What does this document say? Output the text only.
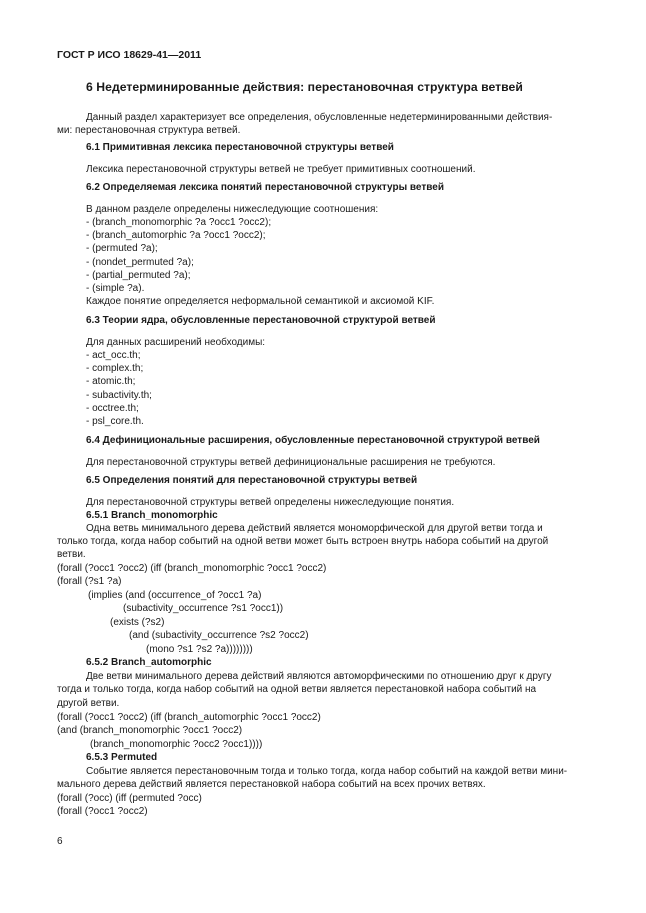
ГОСТ Р ИСО 18629-41—2011
6 Недетерминированные действия: перестановочная структура ветвей
Данный раздел характеризует все определения, обусловленные недетерминированными действия-
ми: перестановочная структура ветвей.
6.1 Примитивная лексика перестановочной структуры ветвей
Лексика перестановочной структуры ветвей не требует примитивных соотношений.
6.2 Определяемая лексика понятий перестановочной структуры ветвей
В данном разделе определены нижеследующие соотношения:
- (branch_monomorphic ?a ?occ1 ?occ2);
- (branch_automorphic ?a ?occ1 ?occ2);
- (permuted ?a);
- (nondet_permuted ?a);
- (partial_permuted ?a);
- (simple ?a).
Каждое понятие определяется неформальной семантикой и аксиомой KIF.
6.3 Теории ядра, обусловленные перестановочной структурой ветвей
Для данных расширений необходимы:
- act_occ.th;
- complex.th;
- atomic.th;
- subactivity.th;
- occtree.th;
- psl_core.th.
6.4 Дефинициональные расширения, обусловленные перестановочной структурой ветвей
Для перестановочной структуры ветвей дефинициональные расширения не требуются.
6.5 Определения понятий для перестановочной структуры ветвей
Для перестановочной структуры ветвей определены нижеследующие понятия.
6.5.1 Branch_monomorphic
Одна ветвь минимального дерева действий является мономорфической для другой ветви тогда и
только тогда, когда набор событий на одной ветви может быть встроен внутрь набора событий на другой
ветви.
(forall (?occ1 ?occ2) (iff (branch_monomorphic ?occ1 ?occ2)
(forall (?s1 ?a)
(implies (and (occurrence_of ?occ1 ?a)
(subactivity_occurrence ?s1 ?occ1))
(exists (?s2)
(and (subactivity_occurrence ?s2 ?occ2)
(mono ?s1 ?s2 ?a))))))))
6.5.2 Branch_automorphic
Две ветви минимального дерева действий являются автоморфическими по отношению друг к другу
тогда и только тогда, когда набор событий на одной ветви является перестановкой набора событий на
другой ветви.
(forall (?occ1 ?occ2) (iff (branch_automorphic ?occ1 ?occ2)
(and (branch_monomorphic ?occ1 ?occ2)
(branch_monomorphic ?occ2 ?occ1))))
6.5.3 Permuted
Событие является перестановочным тогда и только тогда, когда набор событий на каждой ветви мини-
мального дерева действий является перестановкой набора событий на всех прочих ветвях.
(forall (?occ) (iff (permuted ?occ)
(forall (?occ1 ?occ2)
6
